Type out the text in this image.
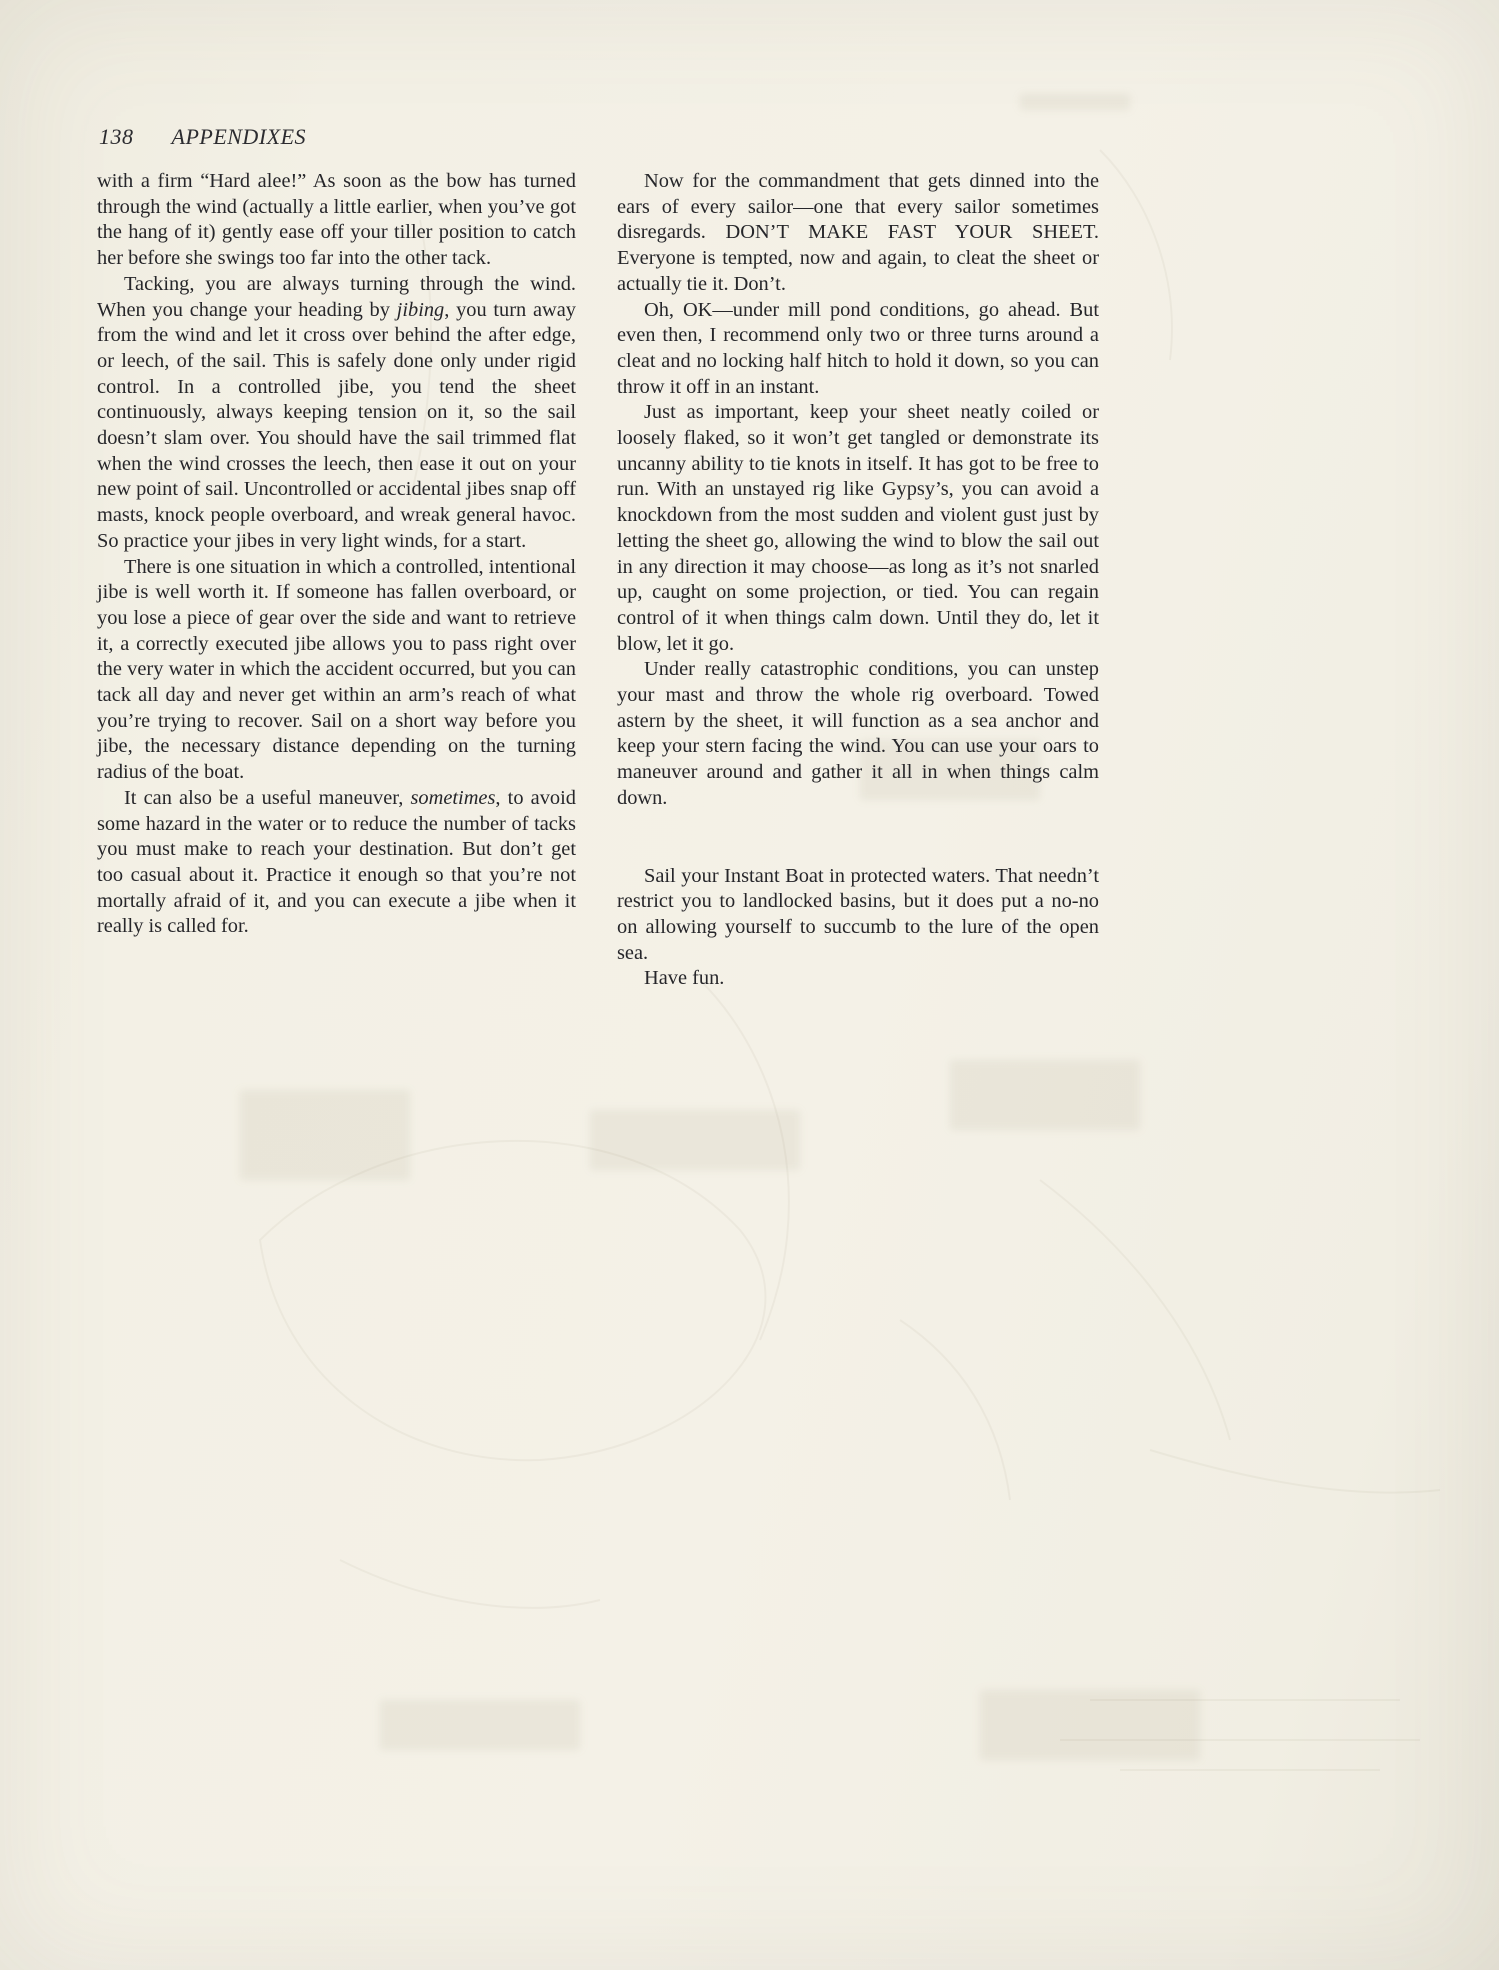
138 APPENDIXES

with a firm “Hard alee!” As soon as the bow has turned through the wind (actually a little earlier, when you’ve got the hang of it) gently ease off your tiller position to catch her before she swings too far into the other tack.

Tacking, you are always turning through the wind. When you change your heading by jibing, you turn away from the wind and let it cross over behind the after edge, or leech, of the sail. This is safely done only under rigid control. In a controlled jibe, you tend the sheet continuously, always keeping tension on it, so the sail doesn’t slam over. You should have the sail trimmed flat when the wind crosses the leech, then ease it out on your new point of sail. Uncontrolled or accidental jibes snap off masts, knock people overboard, and wreak general havoc. So practice your jibes in very light winds, for a start.

There is one situation in which a controlled, intentional jibe is well worth it. If someone has fallen overboard, or you lose a piece of gear over the side and want to retrieve it, a correctly executed jibe allows you to pass right over the very water in which the accident occurred, but you can tack all day and never get within an arm’s reach of what you’re trying to recover. Sail on a short way before you jibe, the necessary distance depending on the turning radius of the boat.

It can also be a useful maneuver, sometimes, to avoid some hazard in the water or to reduce the number of tacks you must make to reach your destination. But don’t get too casual about it. Practice it enough so that you’re not mortally afraid of it, and you can execute a jibe when it really is called for.

Now for the commandment that gets dinned into the ears of every sailor—one that every sailor sometimes disregards. DON’T MAKE FAST YOUR SHEET. Everyone is tempted, now and again, to cleat the sheet or actually tie it. Don’t.

Oh, OK—under mill pond conditions, go ahead. But even then, I recommend only two or three turns around a cleat and no locking half hitch to hold it down, so you can throw it off in an instant.

Just as important, keep your sheet neatly coiled or loosely flaked, so it won’t get tangled or demonstrate its uncanny ability to tie knots in itself. It has got to be free to run. With an unstayed rig like Gypsy’s, you can avoid a knockdown from the most sudden and violent gust just by letting the sheet go, allowing the wind to blow the sail out in any direction it may choose—as long as it’s not snarled up, caught on some projection, or tied. You can regain control of it when things calm down. Until they do, let it blow, let it go.

Under really catastrophic conditions, you can unstep your mast and throw the whole rig overboard. Towed astern by the sheet, it will function as a sea anchor and keep your stern facing the wind. You can use your oars to maneuver around and gather it all in when things calm down.

Sail your Instant Boat in protected waters. That needn’t restrict you to landlocked basins, but it does put a no-no on allowing yourself to succumb to the lure of the open sea.

Have fun.
